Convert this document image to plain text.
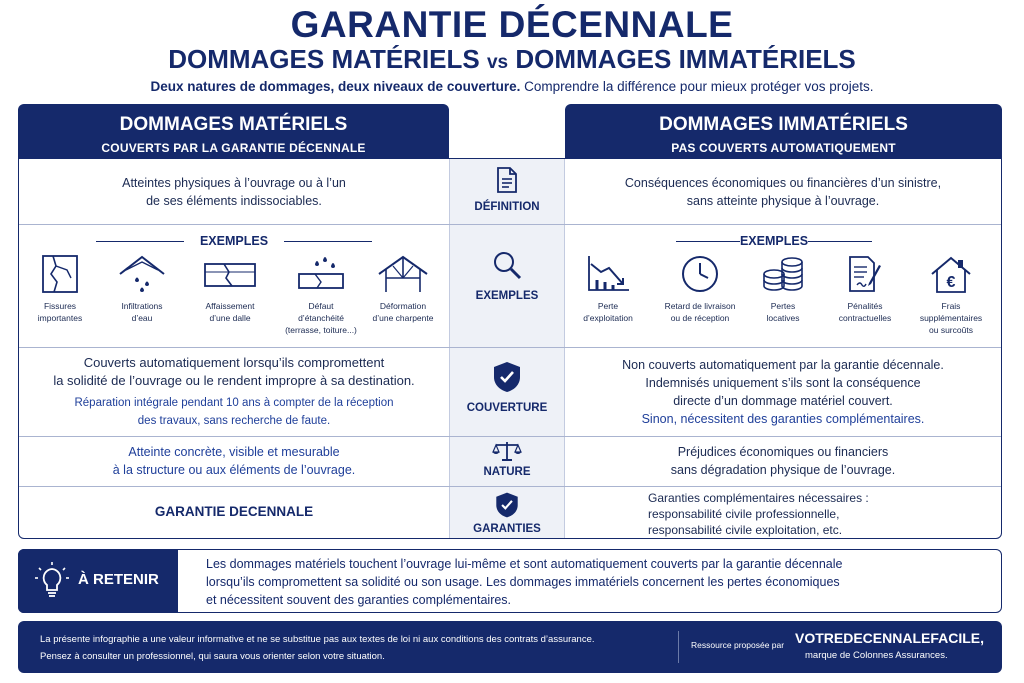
GARANTIE DÉCENNALE
DOMMAGES MATÉRIELS vs DOMMAGES IMMATÉRIELS
Deux natures de dommages, deux niveaux de couverture. Comprendre la différence pour mieux protéger vos projets.
DOMMAGES MATÉRIELS
COUVERTS PAR LA GARANTIE DÉCENNALE
DOMMAGES IMMATÉRIELS
PAS COUVERTS AUTOMATIQUEMENT
Atteintes physiques à l’ouvrage ou à l’un
de ses éléments indissociables.	DÉFINITION
Conséquences économiques ou financières d’un sinistre,
sans atteinte physique à l’ouvrage.
EXEMPLES
Fissures
importantes
Infiltrations
d’eau
Affaissement
d’une dalle
Défaut
d’étanchéité
(terrasse, toiture...)
Déformation
d’une charpente
EXEMPLES
EXEMPLES
Perte
d’exploitation
Retard de livraison
ou de réception
Pertes
locatives
Pénalités
contractuelles
€
Frais
supplémentaires
ou surcoûts
Couverts automatiquement lorsqu’ils compromettent
la solidité de l’ouvrage ou le rendent impropre à sa destination.
Réparation intégrale pendant 10 ans à compter de la réception
des travaux, sans recherche de faute.
COUVERTURE
Non couverts automatiquement par la garantie décennale.
Indemnisés uniquement s’ils sont la conséquence
directe d’un dommage matériel couvert.
Sinon, nécessitent des garanties complémentaires.
Atteinte concrète, visible et mesurable
à la structure ou aux éléments de l’ouvrage.	NATURE
Préjudices économiques ou financiers
sans dégradation physique de l’ouvrage.
GARANTIE DECENNALE
GARANTIES
Garanties complémentaires nécessaires :
responsabilité civile professionnelle,
responsabilité civile exploitation, etc.
À RETENIR
Les dommages matériels touchent l’ouvrage lui-même et sont automatiquement couverts par la garantie décennale
lorsqu’ils compromettent sa solidité ou son usage. Les dommages immatériels concernent les pertes économiques
et nécessitent souvent des garanties complémentaires.
La présente infographie a une valeur informative et ne se substitue pas aux textes de loi ni aux conditions des contrats d’assurance.
Pensez à consulter un professionnel, qui saura vous orienter selon votre situation.
Ressource proposée par VOTREDECENNALEFACILE,
marque de Colonnes Assurances.
